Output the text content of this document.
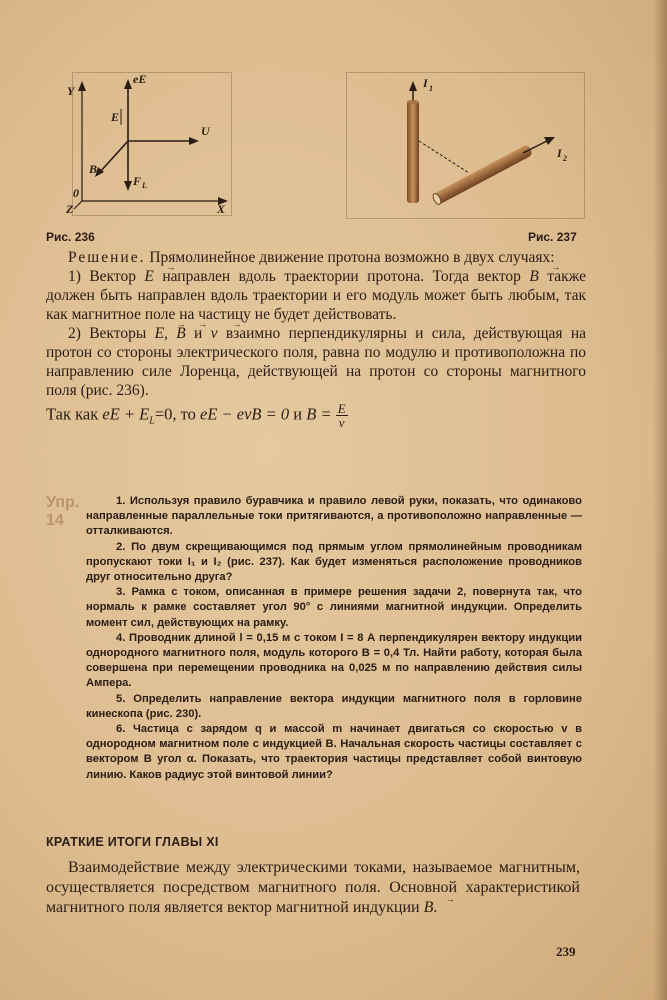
Y
X
Z
0
eE
E
U
B
F L
Рис. 236
I 1
I 2
Рис. 237

Решение. Прямолинейное движение протона возможно в двух случаях:

1) Вектор → E направлен вдоль траектории протона. Тогда вектор → B также должен быть направлен вдоль траектории и его модуль может быть любым, так как магнитное поле на частицу не будет действовать.

2) Векторы → E, → B и → v взаимно перпендикулярны и сила, действующая на протон со стороны электрического поля, равна по модулю и противоположна по направлению силе Лоренца, действующей на протон со стороны магнитного поля (рис. 236).

Так как eE + $E_L=0$, то eE − evB = 0 и $B = \frac{E}{v}$

Упр.
14

1. Используя правило буравчика и правило левой руки, показать, что одинаково направленные параллельные токи притягиваются, а противоположно направленные — отталкиваются.

2. По двум скрещивающимся под прямым углом прямолинейным проводникам пропускают токи I₁ и I₂ (рис. 237). Как будет изменяться расположение проводников друг относительно друга?

3. Рамка с током, описанная в примере решения задачи 2, повернута так, что нормаль к рамке составляет угол 90° с линиями магнитной индукции. Определить момент сил, действующих на рамку.

4. Проводник длиной l = 0,15 м с током I = 8 А перпендикулярен вектору индукции однородного магнитного поля, модуль которого B = 0,4 Тл. Найти работу, которая была совершена при перемещении проводника на 0,025 м по направлению действия силы Ампера.

5. Определить направление вектора индукции магнитного поля в горловине кинескопа (рис. 230).

6. Частица с зарядом q и массой m начинает двигаться со скоростью v в однородном магнитном поле с индукцией B. Начальная скорость частицы составляет с вектором B угол α. Показать, что траектория частицы представляет собой винтовую линию. Каков радиус этой винтовой линии?

КРАТКИЕ ИТОГИ ГЛАВЫ XI

Взаимодействие между электрическими токами, называемое магнитным, осуществляется посредством магнитного поля. Основной характеристикой магнитного поля является вектор магнитной индукции → B.

239
